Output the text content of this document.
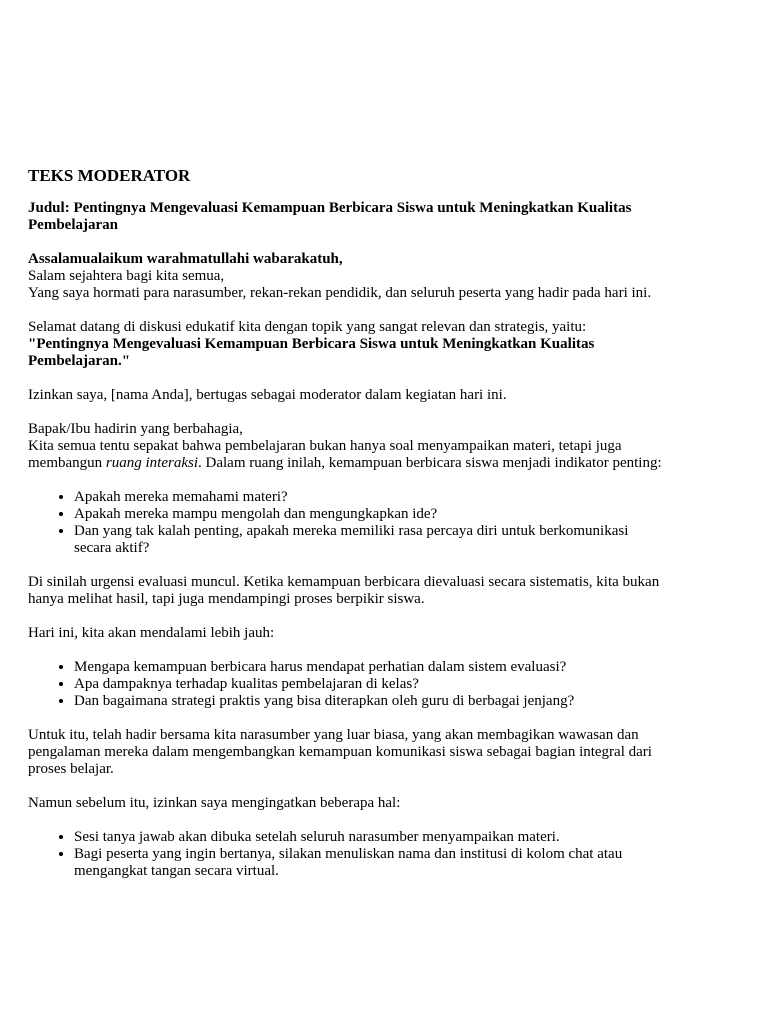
TEKS MODERATOR

Judul: Pentingnya Mengevaluasi Kemampuan Berbicara Siswa untuk Meningkatkan Kualitas Pembelajaran

Assalamualaikum warahmatullahi wabarakatuh,
Salam sejahtera bagi kita semua,
Yang saya hormati para narasumber, rekan-rekan pendidik, dan seluruh peserta yang hadir pada hari ini.

Selamat datang di diskusi edukatif kita dengan topik yang sangat relevan dan strategis, yaitu:
"Pentingnya Mengevaluasi Kemampuan Berbicara Siswa untuk Meningkatkan Kualitas Pembelajaran."

Izinkan saya, [nama Anda], bertugas sebagai moderator dalam kegiatan hari ini.

Bapak/Ibu hadirin yang berbahagia,

Kita semua tentu sepakat bahwa pembelajaran bukan hanya soal menyampaikan materi, tetapi juga membangun ruang interaksi. Dalam ruang inilah, kemampuan berbicara siswa menjadi indikator penting:

• Apakah mereka memahami materi?
• Apakah mereka mampu mengolah dan mengungkapkan ide?
• Dan yang tak kalah penting, apakah mereka memiliki rasa percaya diri untuk berkomunikasi secara aktif?

Di sinilah urgensi evaluasi muncul. Ketika kemampuan berbicara dievaluasi secara sistematis, kita bukan hanya melihat hasil, tapi juga mendampingi proses berpikir siswa.

Hari ini, kita akan mendalami lebih jauh:

• Mengapa kemampuan berbicara harus mendapat perhatian dalam sistem evaluasi?
• Apa dampaknya terhadap kualitas pembelajaran di kelas?
• Dan bagaimana strategi praktis yang bisa diterapkan oleh guru di berbagai jenjang?

Untuk itu, telah hadir bersama kita narasumber yang luar biasa, yang akan membagikan wawasan dan pengalaman mereka dalam mengembangkan kemampuan komunikasi siswa sebagai bagian integral dari proses belajar.

Namun sebelum itu, izinkan saya mengingatkan beberapa hal:

• Sesi tanya jawab akan dibuka setelah seluruh narasumber menyampaikan materi.
• Bagi peserta yang ingin bertanya, silakan menuliskan nama dan institusi di kolom chat atau mengangkat tangan secara virtual.
